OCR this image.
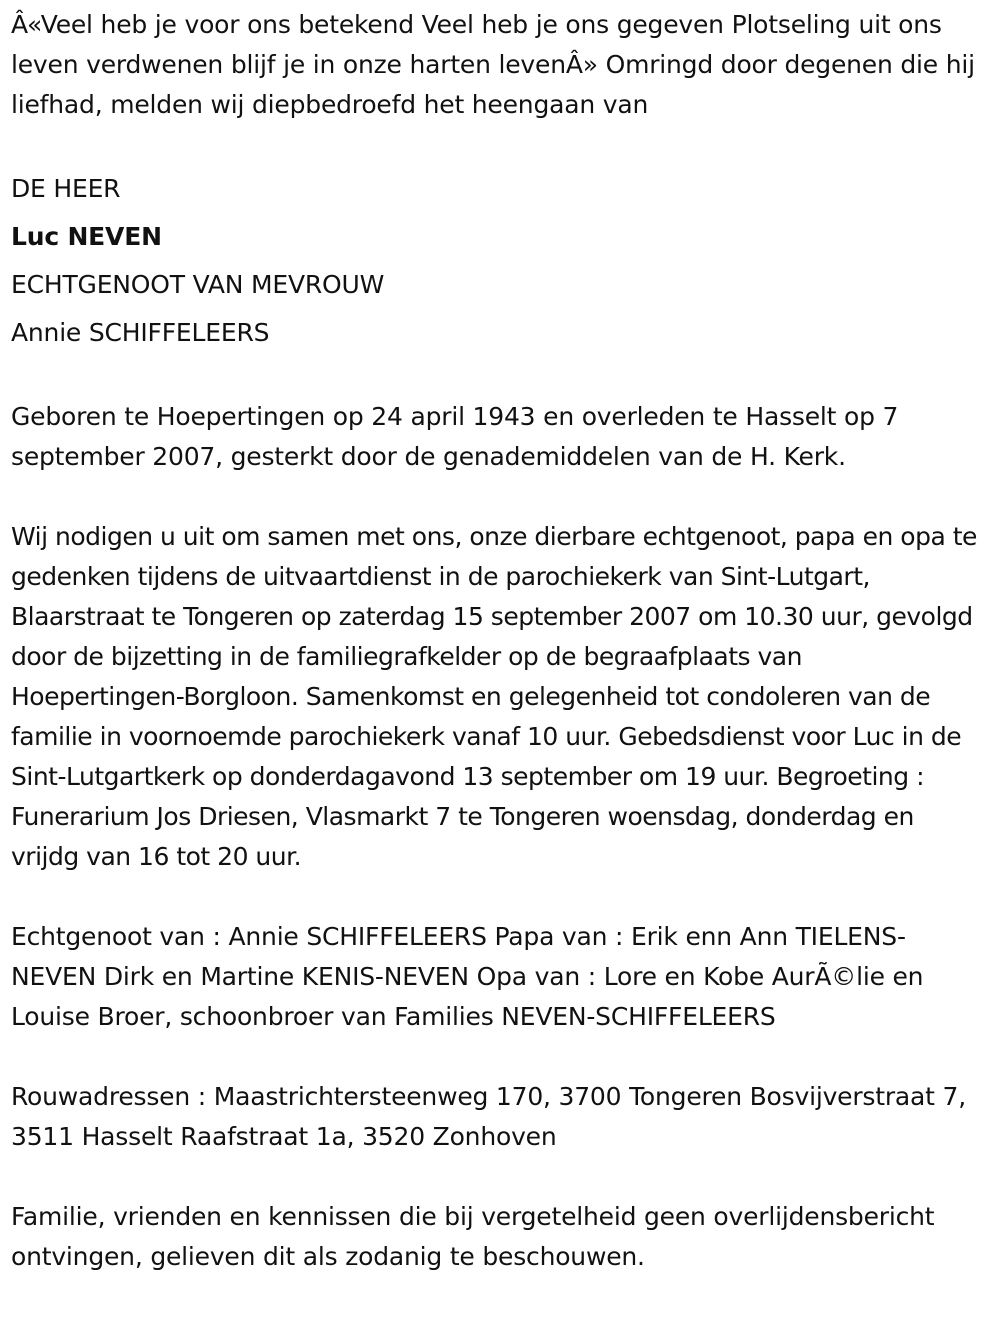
Â«Veel heb je voor ons betekend Veel heb je ons gegeven Plotseling uit ons leven verdwenen blijf je in onze harten levenÂ» Omringd door degenen die hij liefhad, melden wij diepbedroefd het heengaan van

DE HEER

Luc NEVEN

ECHTGENOOT VAN MEVROUW

Annie SCHIFFELEERS

Geboren te Hoepertingen op 24 april 1943 en overleden te Hasselt op 7 september 2007, gesterkt door de genademiddelen van de H. Kerk.

Wij nodigen u uit om samen met ons, onze dierbare echtgenoot, papa en opa te gedenken tijdens de uitvaartdienst in de parochiekerk van Sint-Lutgart, Blaarstraat te Tongeren op zaterdag 15 september 2007 om 10.30 uur, gevolgd door de bijzetting in de familiegrafkelder op de begraafplaats van Hoepertingen-Borgloon. Samenkomst en gelegenheid tot condoleren van de familie in voornoemde parochiekerk vanaf 10 uur. Gebedsdienst voor Luc in de Sint-Lutgartkerk op donderdagavond 13 september om 19 uur. Begroeting : Funerarium Jos Driesen, Vlasmarkt 7 te Tongeren woensdag, donderdag en vrijdg van 16 tot 20 uur.

Echtgenoot van : Annie SCHIFFELEERS Papa van : Erik enn Ann TIELENS-NEVEN Dirk en Martine KENIS-NEVEN Opa van : Lore en Kobe AurÃ©lie en Louise Broer, schoonbroer van Families NEVEN-SCHIFFELEERS

Rouwadressen : Maastrichtersteenweg 170, 3700 Tongeren Bosvijverstraat 7, 3511 Hasselt Raafstraat 1a, 3520 Zonhoven

Familie, vrienden en kennissen die bij vergetelheid geen overlijdensbericht ontvingen, gelieven dit als zodanig te beschouwen.
